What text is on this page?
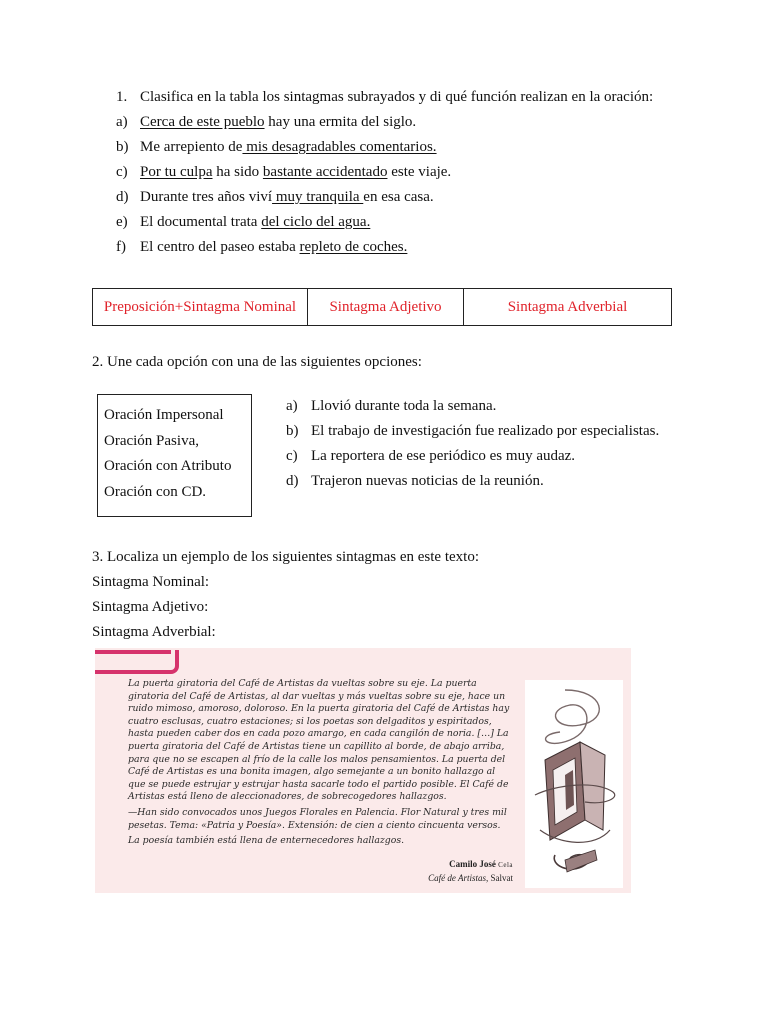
1. Clasifica en la tabla los sintagmas subrayados y di qué función realizan en la oración:
a) Cerca de este pueblo hay una ermita del siglo.
b) Me arrepiento de mis desagradables comentarios.
c) Por tu culpa ha sido bastante accidentado este viaje.
d) Durante tres años viví muy tranquila en esa casa.
e) El documental trata del ciclo del agua.
f) El centro del paseo estaba repleto de coches.
Preposición+Sintagma Nominal	Sintagma Adjetivo	Sintagma Adverbial
2. Une cada opción con una de las siguientes opciones:
Oración Impersonal
Oración Pasiva,
Oración con Atributo
Oración con CD.
a) Llovió durante toda la semana.
b) El trabajo de investigación fue realizado por especialistas.
c) La reportera de ese periódico es muy audaz.
d) Trajeron nuevas noticias de la reunión.
3. Localiza un ejemplo de los siguientes sintagmas en este texto:
Sintagma Nominal:
Sintagma Adjetivo:
Sintagma Adverbial:

La puerta giratoria del Café de Artistas da vueltas sobre su eje. La puerta giratoria del Café de Artistas, al dar vueltas y más vueltas sobre su eje, hace un ruido mimoso, amoroso, doloroso. En la puerta giratoria del Café de Artistas hay cuatro esclusas, cuatro estaciones; si los poetas son delgaditos y espiritados, hasta pueden caber dos en cada pozo amargo, en cada cangilón de noria. […] La puerta giratoria del Café de Artistas tiene un capillito al borde, de abajo arriba, para que no se escapen al frío de la calle los malos pensamientos. La puerta del Café de Artistas es una bonita imagen, algo semejante a un bonito hallazgo al que se puede estrujar y estrujar hasta sacarle todo el partido posible. El Café de Artistas está lleno de aleccionadores, de sobrecogedores hallazgos.

—Han sido convocados unos Juegos Florales en Palencia. Flor Natural y tres mil pesetas. Tema: «Patria y Poesía». Extensión: de cien a ciento cincuenta versos.

La poesía también está llena de enternecedores hallazgos.

Camilo José Cela
Café de Artistas, Salvat
